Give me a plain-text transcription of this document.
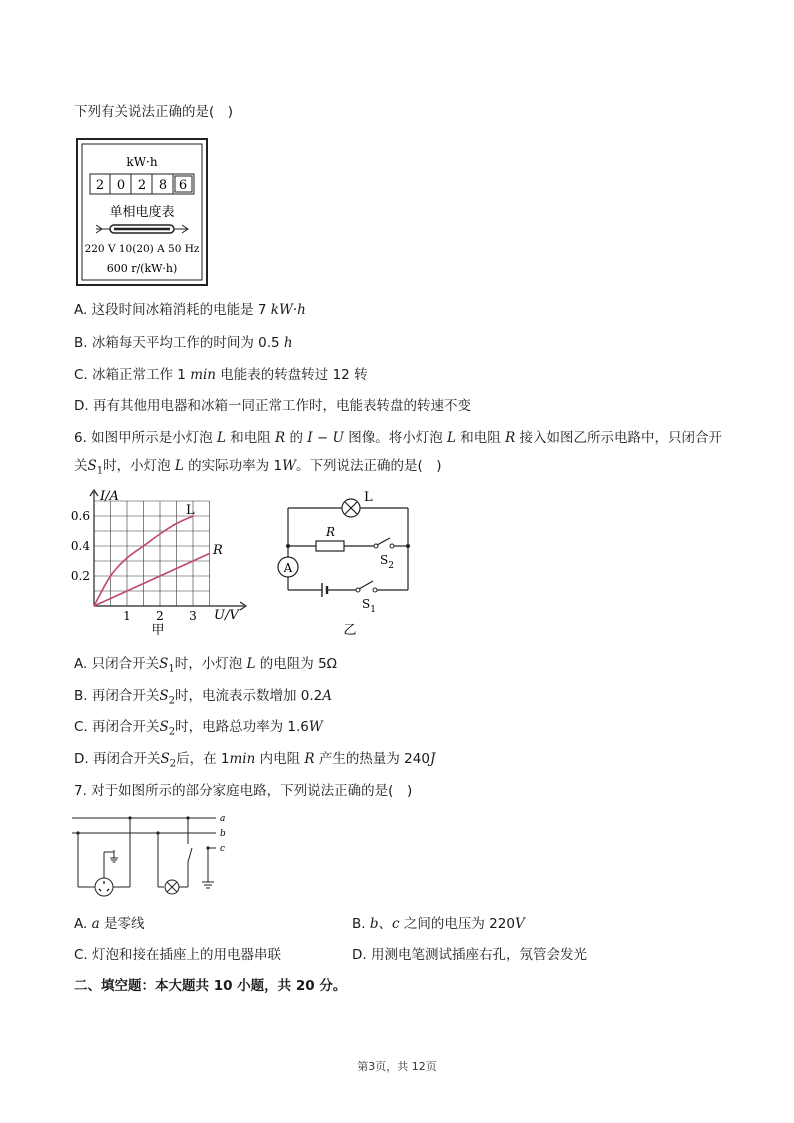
下列有关说法正确的是(　)
kW·h
2 0 2 8 6
单相电度表
220 V 10(20) A 50 Hz
600 r/(kW·h)
A. 这段时间冰箱消耗的电能是 7 kW·h
B. 冰箱每天平均工作的时间为 0.5 h
C. 冰箱正常工作 1 min 电能表的转盘转过 12 转
D. 再有其他用电器和冰箱一同正常工作时，电能表转盘的转速不变
6. 如图甲所示是小灯泡 L 和电阻 R 的 I − U 图像。将小灯泡 L 和电阻 R 接入如图乙所示电路中，只闭合开
关$S_1$时，小灯泡 L 的实际功率为 1W。下列说法正确的是(　)
I/A
U/V
0.6
0.4
0.2
1 2 3
L
R
甲
L
A
R
$S_2$
$S_1$
乙
A. 只闭合开关$S_1$时，小灯泡 L 的电阻为 5Ω
B. 再闭合开关$S_2$时，电流表示数增加 0.2A
C. 再闭合开关$S_2$时，电路总功率为 1.6W
D. 再闭合开关$S_2$后，在 1min 内电阻 R 产生的热量为 240J
7. 对于如图所示的部分家庭电路，下列说法正确的是(　)
a
b
c
A. a 是零线	B. b、c 之间的电压为 220V
C. 灯泡和接在插座上的用电器串联	D. 用测电笔测试插座右孔，氖管会发光
二、填空题：本大题共 10 小题，共 20 分。
第3页，共 12页
